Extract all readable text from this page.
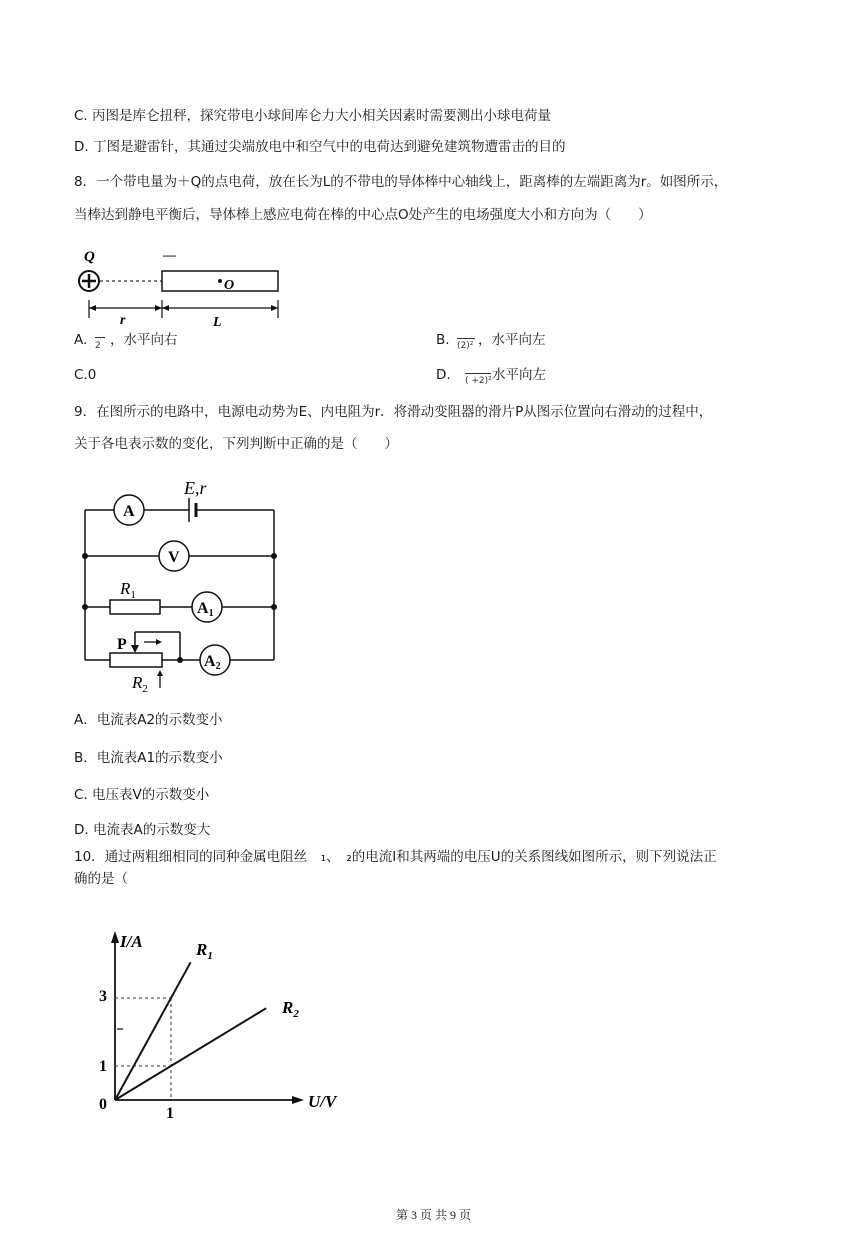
C. 丙图是库仑扭秤，探究带电小球间库仑力大小相关因素时需要测出小球电荷量
D. 丁图是避雷针，其通过尖端放电中和空气中的电荷达到避免建筑物遭雷击的目的
8．一个带电量为＋Q的点电荷，放在长为L的不带电的导体棒中心轴线上，距离棒的左端距离为r。如图所示，
当棒达到静电平衡后，导体棒上感应电荷在棒的中心点O处产生的电场强度大小和方向为（　　）
Q	—
O
r	L
A. 2 ，水平向右	B. (2)² ，水平向左
C.0	D. ( +2)² 水平向左
9．在图所示的电路中，电源电动势为E、内电阻为r．将滑动变阻器的滑片P从图示位置向右滑动的过程中，
关于各电表示数的变化，下列判断中正确的是（　　）
A
E,r
V
$R_1$
A1
P
A2
$R_2$
A．电流表A2的示数变小
B．电流表A1的示数变小
C. 电压表V的示数变小
D. 电流表A的示数变大
10．通过两粗细相同的同种金属电阻丝　₁、　₂的电流I和其两端的电压U的关系图线如图所示，则下列说法正
确的是（
I/A
U/V
0
3
1
1
$R_1$
$R_2$
第 3 页 共 9 页
